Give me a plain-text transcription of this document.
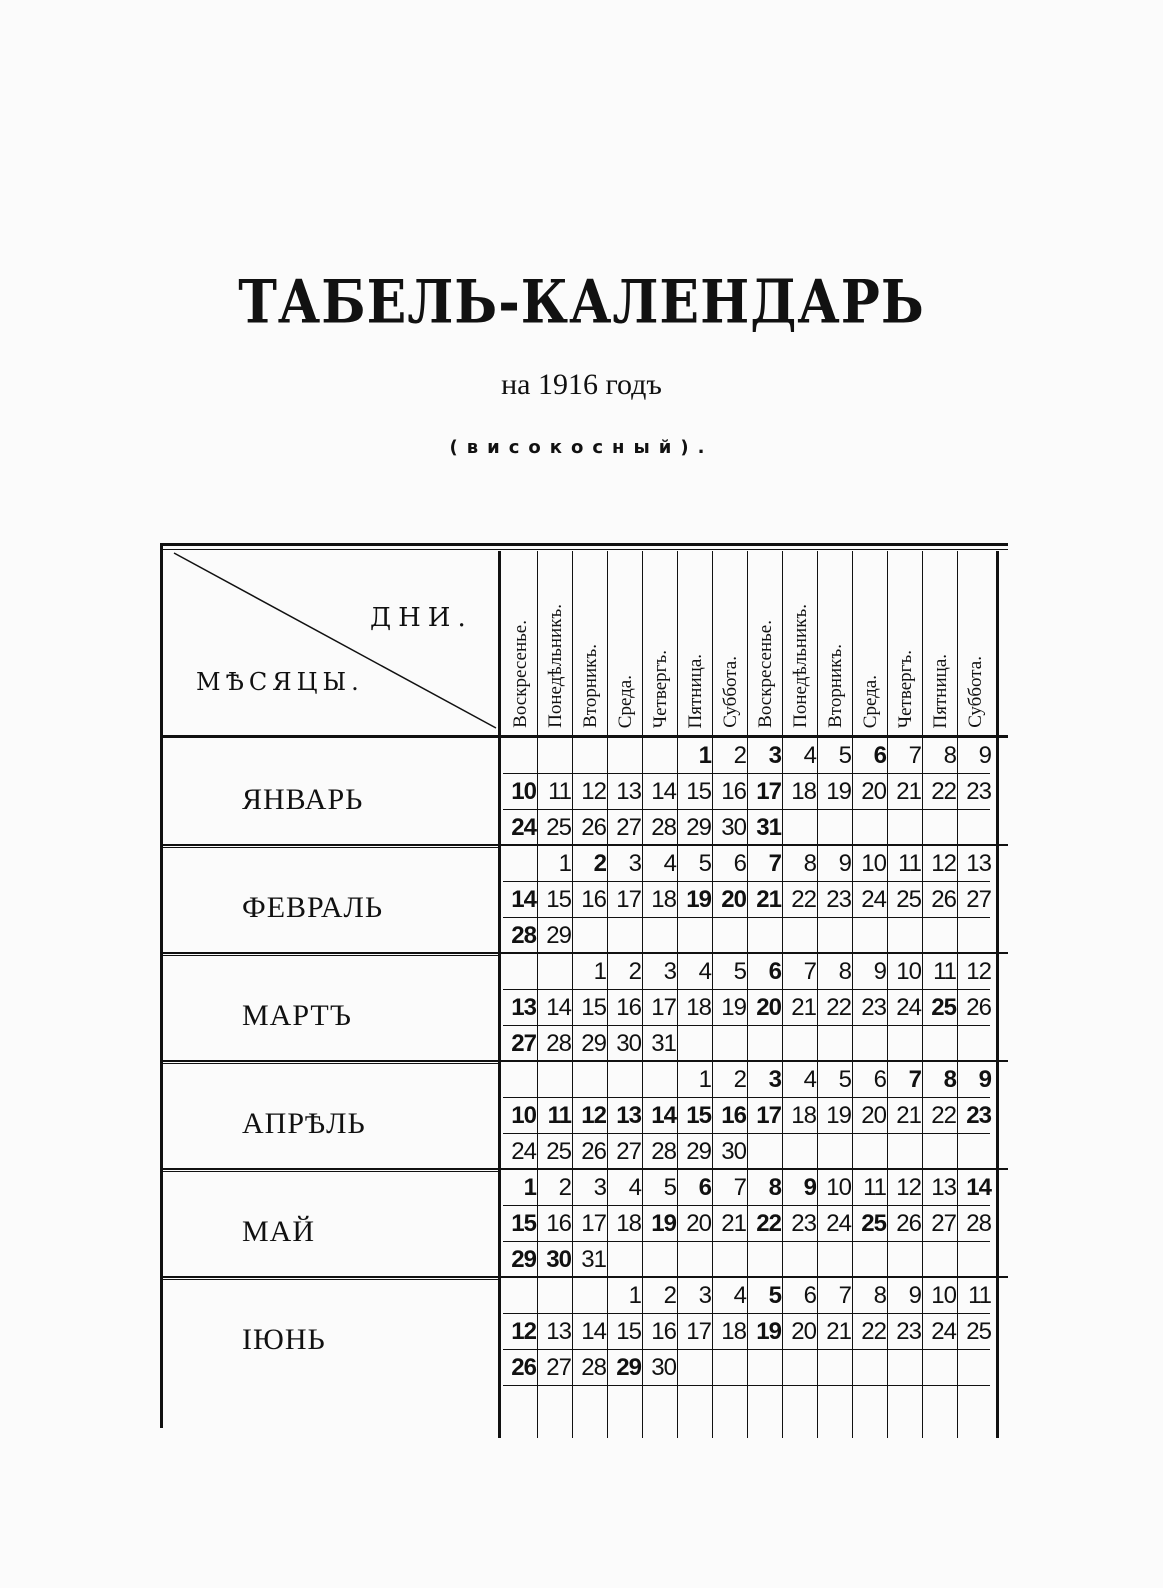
ТАБЕЛЬ-КАЛЕНДАРЬ
на 1916 годъ
(високосный).
ДНИ.
МѢСЯЦЫ.	Воскресенье. Понедѣльникъ. Вторникъ. Среда. Четвергъ. Пятница. Суббота. Воскресенье. Понедѣльникъ. Вторникъ. Среда. Четвергъ. Пятница. Суббота.
ЯНВАРЬ
1 2 3 4 5 6 7 8 9
10 11 12 13 14 15 16 17 18 19 20 21 22 23
24 25 26 27 28 29 30 31
ФЕВРАЛЬ
1 2 3 4 5 6 7 8 9 10 11 12 13
14 15 16 17 18 19 20 21 22 23 24 25 26 27
28 29
МАРТЪ
1 2 3 4 5 6 7 8 9 10 11 12
13 14 15 16 17 18 19 20 21 22 23 24 25 26
27 28 29 30 31
АПРѢЛЬ
1 2 3 4 5 6 7 8 9
10 11 12 13 14 15 16 17 18 19 20 21 22 23
24 25 26 27 28 29 30
МАЙ
1 2 3 4 5 6 7 8 9 10 11 12 13 14
15 16 17 18 19 20 21 22 23 24 25 26 27 28
29 30 31
ІЮНЬ
1 2 3 4 5 6 7 8 9 10 11
12 13 14 15 16 17 18 19 20 21 22 23 24 25
26 27 28 29 30
